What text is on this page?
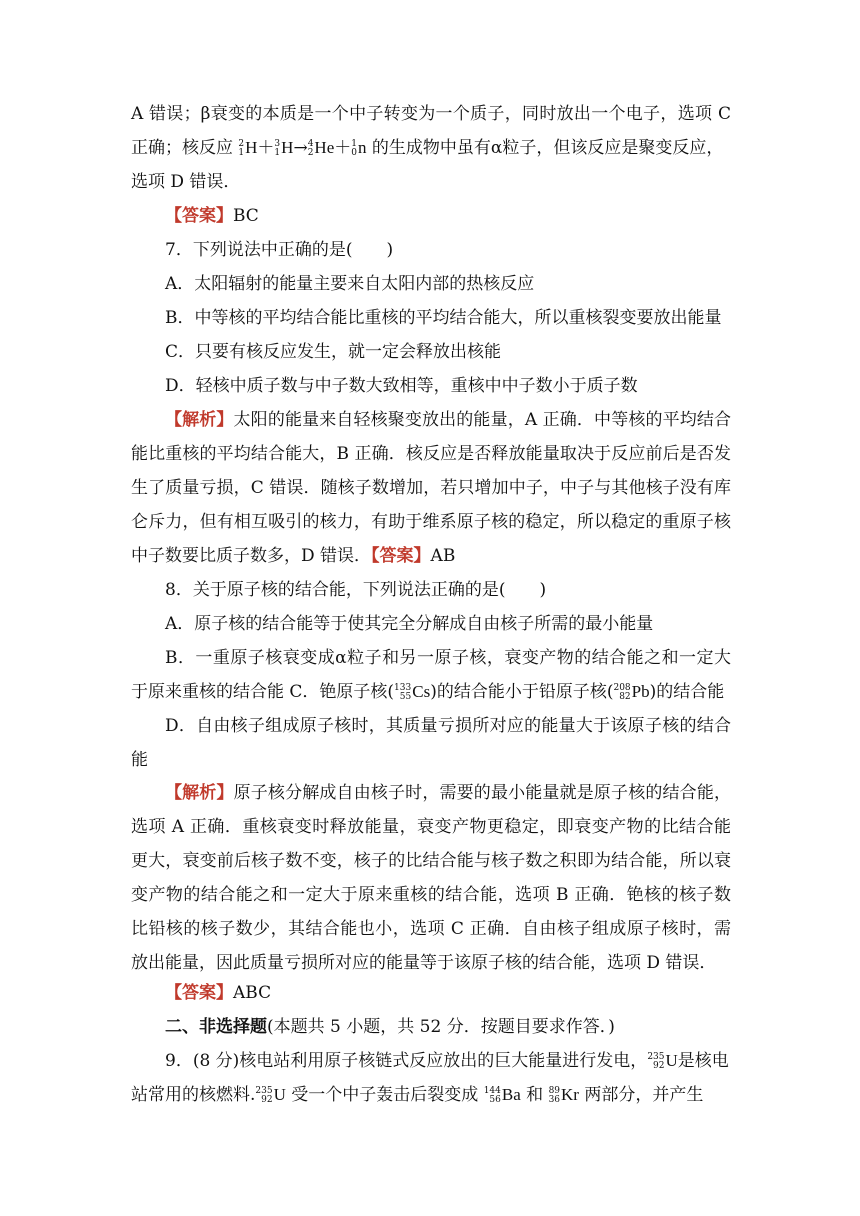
A 错误；β衰变的本质是一个中子转变为一个质子，同时放出一个电子，选项 C
正确；核反应 2
1 H＋ 3
1 H→ 4
2 He＋ 1
0 n 的生成物中虽有α粒子，但该反应是聚变反应，
选项 D 错误．
【答案】BC
7．下列说法中正确的是(　　)
A．太阳辐射的能量主要来自太阳内部的热核反应
B．中等核的平均结合能比重核的平均结合能大，所以重核裂变要放出能量
C．只要有核反应发生，就一定会释放出核能
D．轻核中质子数与中子数大致相等，重核中中子数小于质子数
【解析】太阳的能量来自轻核聚变放出的能量，A 正确．中等核的平均结合
能比重核的平均结合能大，B 正确．核反应是否释放能量取决于反应前后是否发
生了质量亏损，C 错误．随核子数增加，若只增加中子，中子与其他核子没有库
仑斥力，但有相互吸引的核力，有助于维系原子核的稳定，所以稳定的重原子核
中子数要比质子数多，D 错误．【答案】AB
8．关于原子核的结合能，下列说法正确的是(　　)
A．原子核的结合能等于使其完全分解成自由核子所需的最小能量
B．一重原子核衰变成α粒子和另一原子核，衰变产物的结合能之和一定大
于原来重核的结合能 C．铯原子核( 133
55 Cs)的结合能小于铅原子核( 208
82 Pb)的结合能
D．自由核子组成原子核时，其质量亏损所对应的能量大于该原子核的结合
能
【解析】原子核分解成自由核子时，需要的最小能量就是原子核的结合能，
选项 A 正确．重核衰变时释放能量，衰变产物更稳定，即衰变产物的比结合能
更大，衰变前后核子数不变，核子的比结合能与核子数之积即为结合能，所以衰
变产物的结合能之和一定大于原来重核的结合能，选项 B 正确．铯核的核子数
比铅核的核子数少，其结合能也小，选项 C 正确．自由核子组成原子核时，需
放出能量，因此质量亏损所对应的能量等于该原子核的结合能，选项 D 错误．
【答案】ABC
二、非选择题(本题共 5 小题，共 52 分．按题目要求作答．)
9．(8 分)核电站利用原子核链式反应放出的巨大能量进行发电， 235
92 U是核电
站常用的核燃料. 235
92 U 受一个中子轰击后裂变成 144
56 Ba 和 89
36 Kr 两部分，并产生
